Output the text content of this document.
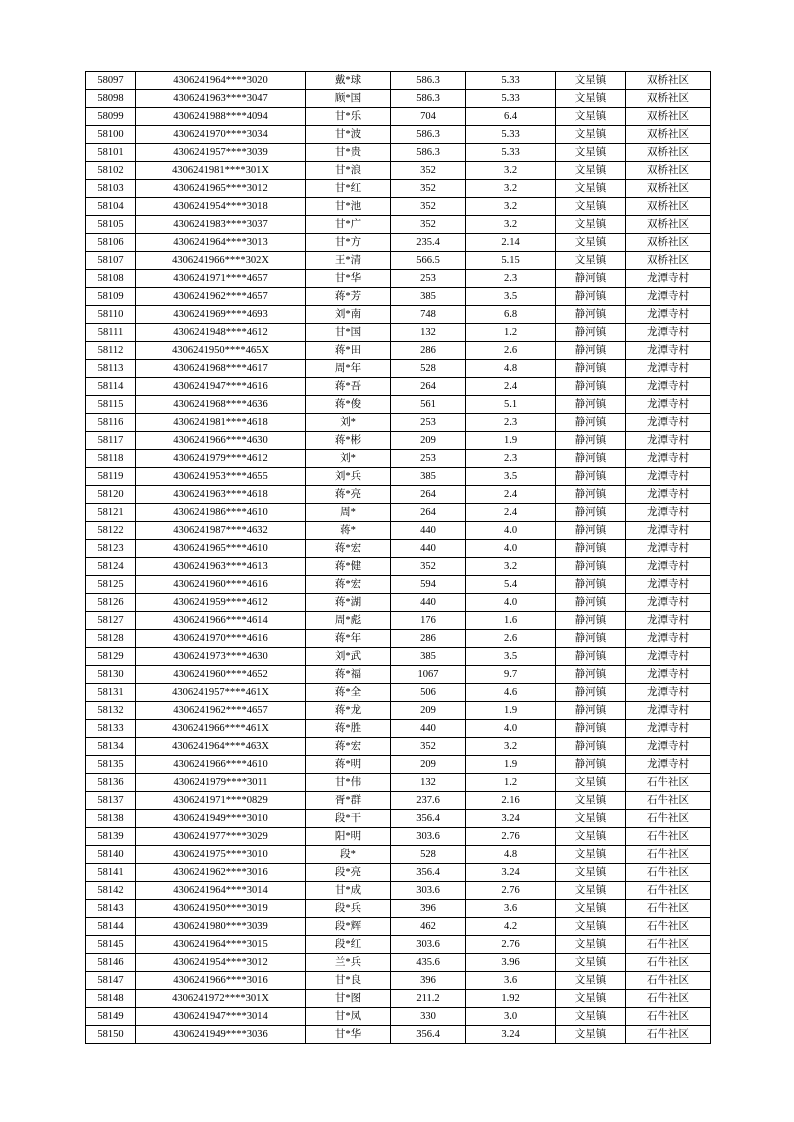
58097	4306241964****3020	戴*球	586.3	5.33	文星镇	双桥社区
58098	4306241963****3047	顾*国	586.3	5.33	文星镇	双桥社区
58099	4306241988****4094	甘*乐	704	6.4	文星镇	双桥社区
58100	4306241970****3034	甘*波	586.3	5.33	文星镇	双桥社区
58101	4306241957****3039	甘*贵	586.3	5.33	文星镇	双桥社区
58102	4306241981****301X	甘*浪	352	3.2	文星镇	双桥社区
58103	4306241965****3012	甘*红	352	3.2	文星镇	双桥社区
58104	4306241954****3018	甘*池	352	3.2	文星镇	双桥社区
58105	4306241983****3037	甘*广	352	3.2	文星镇	双桥社区
58106	4306241964****3013	甘*方	235.4	2.14	文星镇	双桥社区
58107	4306241966****302X	王*清	566.5	5.15	文星镇	双桥社区
58108	4306241971****4657	甘*华	253	2.3	静河镇	龙潭寺村
58109	4306241962****4657	蒋*芳	385	3.5	静河镇	龙潭寺村
58110	4306241969****4693	刘*南	748	6.8	静河镇	龙潭寺村
58111	4306241948****4612	甘*国	132	1.2	静河镇	龙潭寺村
58112	4306241950****465X	蒋*田	286	2.6	静河镇	龙潭寺村
58113	4306241968****4617	周*年	528	4.8	静河镇	龙潭寺村
58114	4306241947****4616	蒋*吾	264	2.4	静河镇	龙潭寺村
58115	4306241968****4636	蒋*俊	561	5.1	静河镇	龙潭寺村
58116	4306241981****4618	刘*	253	2.3	静河镇	龙潭寺村
58117	4306241966****4630	蒋*彬	209	1.9	静河镇	龙潭寺村
58118	4306241979****4612	刘*	253	2.3	静河镇	龙潭寺村
58119	4306241953****4655	刘*兵	385	3.5	静河镇	龙潭寺村
58120	4306241963****4618	蒋*亮	264	2.4	静河镇	龙潭寺村
58121	4306241986****4610	周*	264	2.4	静河镇	龙潭寺村
58122	4306241987****4632	蒋*	440	4.0	静河镇	龙潭寺村
58123	4306241965****4610	蒋*宏	440	4.0	静河镇	龙潭寺村
58124	4306241963****4613	蒋*健	352	3.2	静河镇	龙潭寺村
58125	4306241960****4616	蒋*宏	594	5.4	静河镇	龙潭寺村
58126	4306241959****4612	蒋*湖	440	4.0	静河镇	龙潭寺村
58127	4306241966****4614	周*彪	176	1.6	静河镇	龙潭寺村
58128	4306241970****4616	蒋*年	286	2.6	静河镇	龙潭寺村
58129	4306241973****4630	刘*武	385	3.5	静河镇	龙潭寺村
58130	4306241960****4652	蒋*福	1067	9.7	静河镇	龙潭寺村
58131	4306241957****461X	蒋*全	506	4.6	静河镇	龙潭寺村
58132	4306241962****4657	蒋*龙	209	1.9	静河镇	龙潭寺村
58133	4306241966****461X	蒋*胜	440	4.0	静河镇	龙潭寺村
58134	4306241964****463X	蒋*宏	352	3.2	静河镇	龙潭寺村
58135	4306241966****4610	蒋*明	209	1.9	静河镇	龙潭寺村
58136	4306241979****3011	甘*伟	132	1.2	文星镇	石牛社区
58137	4306241971****0829	胥*群	237.6	2.16	文星镇	石牛社区
58138	4306241949****3010	段*干	356.4	3.24	文星镇	石牛社区
58139	4306241977****3029	阳*明	303.6	2.76	文星镇	石牛社区
58140	4306241975****3010	段*	528	4.8	文星镇	石牛社区
58141	4306241962****3016	段*亮	356.4	3.24	文星镇	石牛社区
58142	4306241964****3014	甘*成	303.6	2.76	文星镇	石牛社区
58143	4306241950****3019	段*兵	396	3.6	文星镇	石牛社区
58144	4306241980****3039	段*辉	462	4.2	文星镇	石牛社区
58145	4306241964****3015	段*红	303.6	2.76	文星镇	石牛社区
58146	4306241954****3012	兰*兵	435.6	3.96	文星镇	石牛社区
58147	4306241966****3016	甘*良	396	3.6	文星镇	石牛社区
58148	4306241972****301X	甘*图	211.2	1.92	文星镇	石牛社区
58149	4306241947****3014	甘*凤	330	3.0	文星镇	石牛社区
58150	4306241949****3036	甘*华	356.4	3.24	文星镇	石牛社区
